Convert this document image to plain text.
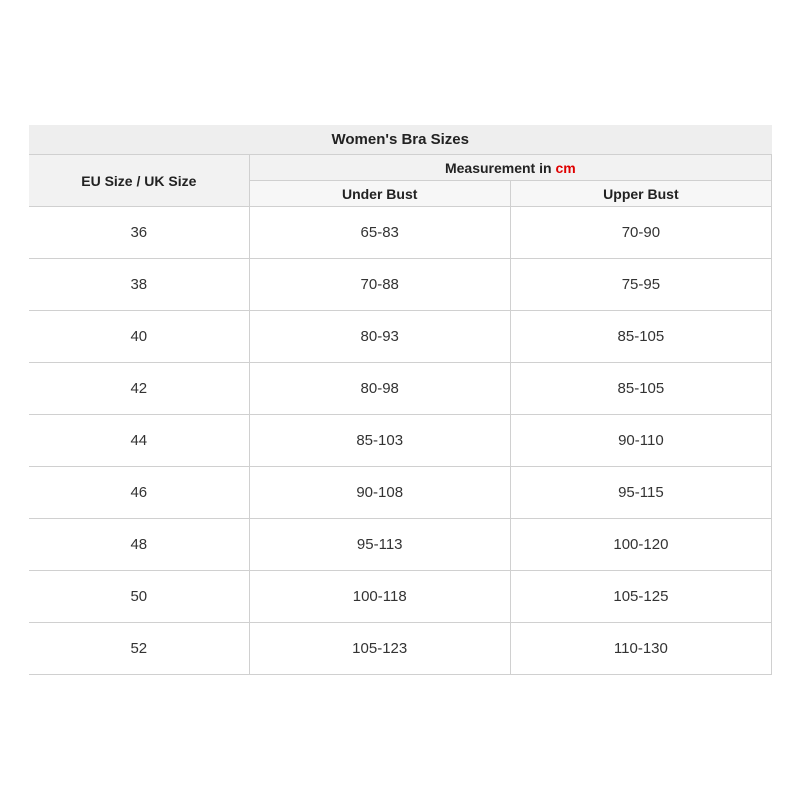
Women's Bra Sizes		
EU Size / UK Size	Measurement in cm	
	Under Bust	Upper Bust
36	65-83	70-90
38	70-88	75-95
40	80-93	85-105
42	80-98	85-105
44	85-103	90-110
46	90-108	95-115
48	95-113	100-120
50	100-118	105-125
52	105-123	110-130
